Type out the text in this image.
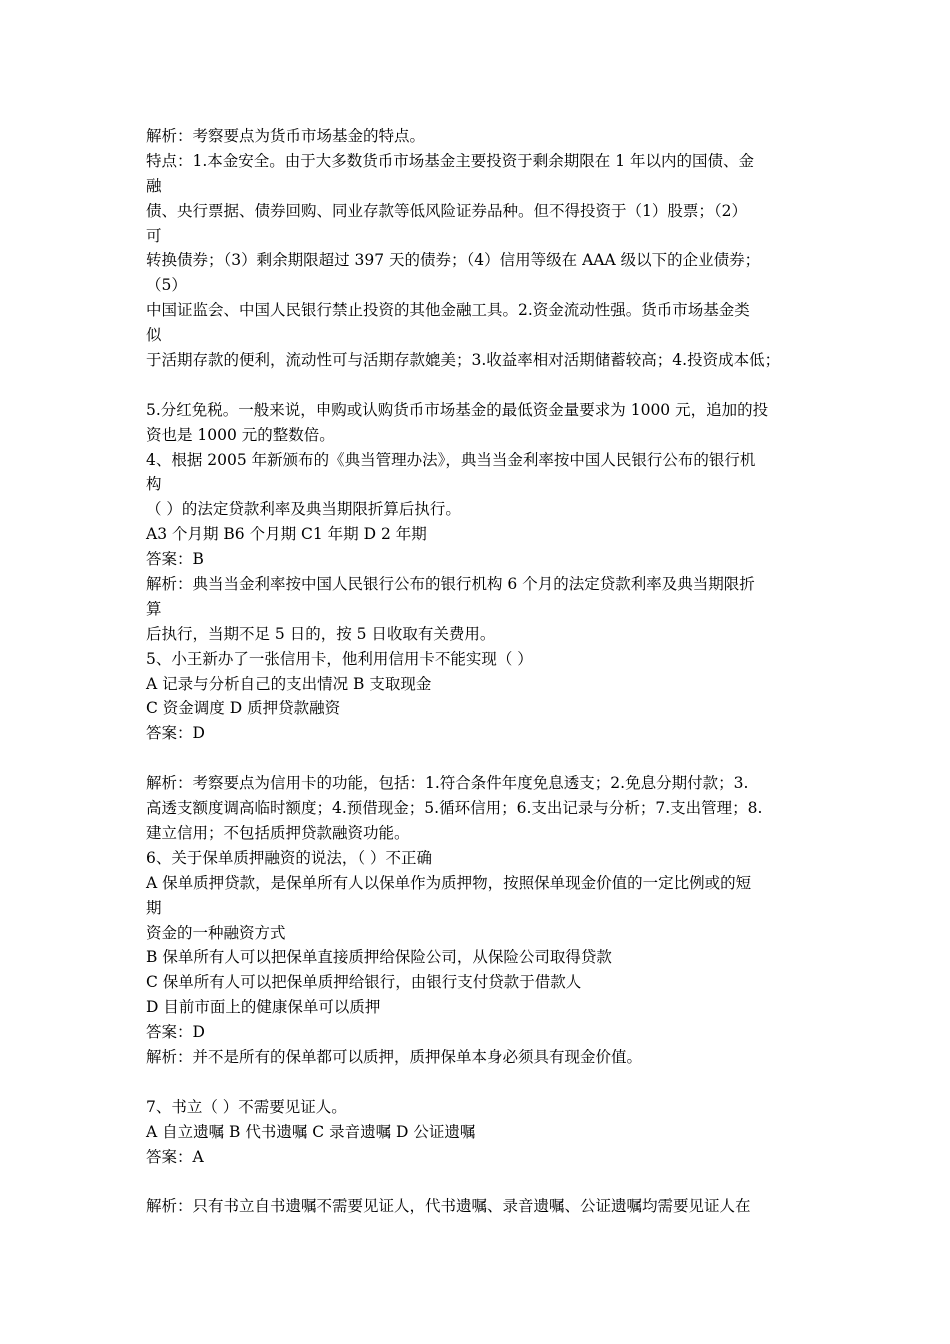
解析：考察要点为货币市场基金的特点。
特点：1.本金安全。由于大多数货币市场基金主要投资于剩余期限在 1 年以内的国债、金
融
债、央行票据、债券回购、同业存款等低风险证券品种。但不得投资于（1）股票；（2）
可
转换债券；（3）剩余期限超过 397 天的债券；（4）信用等级在 AAA 级以下的企业债券；
（5）
中国证监会、中国人民银行禁止投资的其他金融工具。2.资金流动性强。货币市场基金类
似
于活期存款的便利，流动性可与活期存款媲美；3.收益率相对活期储蓄较高；4.投资成本低；
5.分红免税。一般来说，申购或认购货币市场基金的最低资金量要求为 1000 元，追加的投
资也是 1000 元的整数倍。
4、根据 2005 年新颁布的《典当管理办法》，典当当金利率按中国人民银行公布的银行机
构
（ ）的法定贷款利率及典当期限折算后执行。
A3 个月期 B6 个月期 C1 年期 D 2 年期
答案：B
解析：典当当金利率按中国人民银行公布的银行机构 6 个月的法定贷款利率及典当期限折
算
后执行，当期不足 5 日的，按 5 日收取有关费用。
5、小王新办了一张信用卡，他利用信用卡不能实现（ ）
A 记录与分析自己的支出情况 B 支取现金
C 资金调度 D 质押贷款融资
答案：D
解析：考察要点为信用卡的功能，包括：1.符合条件年度免息透支；2.免息分期付款；3.
高透支额度调高临时额度；4.预借现金；5.循环信用；6.支出记录与分析；7.支出管理；8.
建立信用；不包括质押贷款融资功能。
6、关于保单质押融资的说法，（ ）不正确
A 保单质押贷款，是保单所有人以保单作为质押物，按照保单现金价值的一定比例或的短
期
资金的一种融资方式
B 保单所有人可以把保单直接质押给保险公司，从保险公司取得贷款
C 保单所有人可以把保单质押给银行，由银行支付贷款于借款人
D 目前市面上的健康保单可以质押
答案：D
解析：并不是所有的保单都可以质押，质押保单本身必须具有现金价值。
7、书立（ ）不需要见证人。
A 自立遗嘱 B 代书遗嘱 C 录音遗嘱 D 公证遗嘱
答案：A
解析：只有书立自书遗嘱不需要见证人，代书遗嘱、录音遗嘱、公证遗嘱均需要见证人在
